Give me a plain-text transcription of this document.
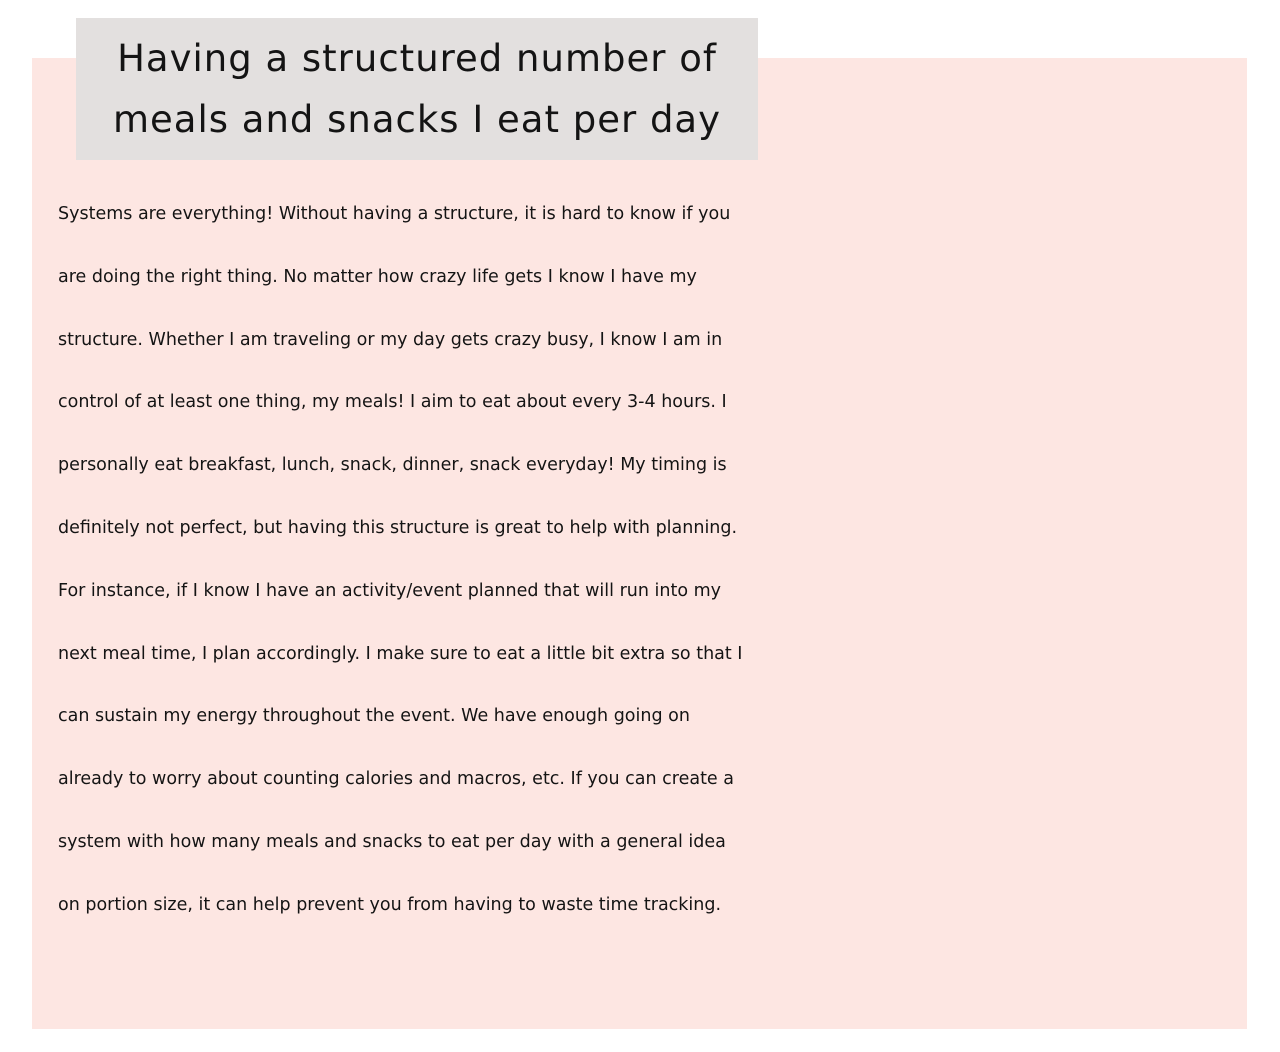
Having a structured number of
meals and snacks I eat per day

Systems are everything! Without having a structure, it is hard to know if you
are doing the right thing. No matter how crazy life gets I know I have my
structure. Whether I am traveling or my day gets crazy busy, I know I am in
control of at least one thing, my meals! I aim to eat about every 3-4 hours. I
personally eat breakfast, lunch, snack, dinner, snack everyday! My timing is
definitely not perfect, but having this structure is great to help with planning.
For instance, if I know I have an activity/event planned that will run into my
next meal time, I plan accordingly. I make sure to eat a little bit extra so that I
can sustain my energy throughout the event. We have enough going on
already to worry about counting calories and macros, etc. If you can create a
system with how many meals and snacks to eat per day with a general idea
on portion size, it can help prevent you from having to waste time tracking.
